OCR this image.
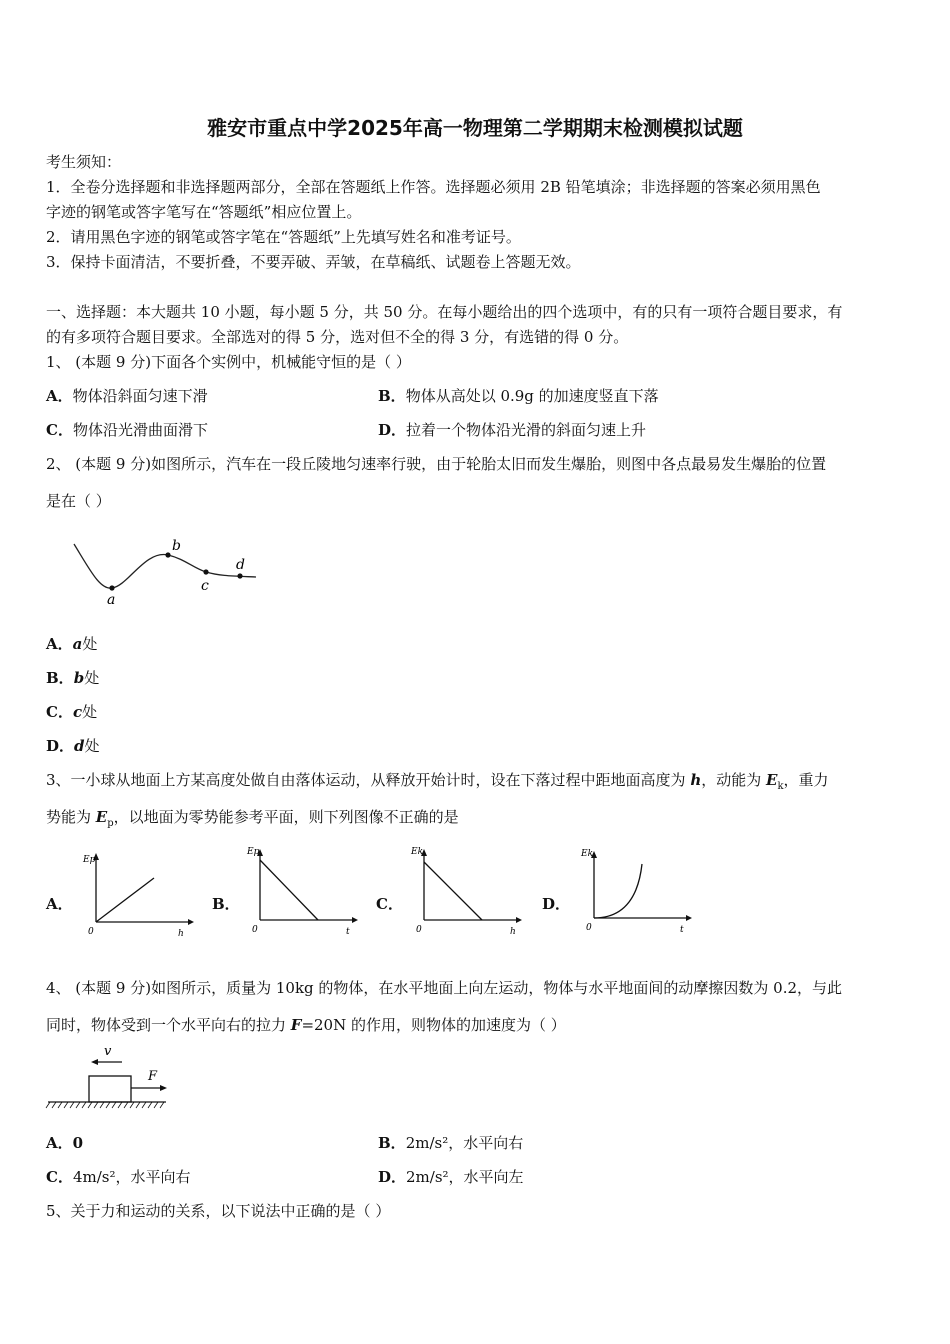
雅安市重点中学2025年高一物理第二学期期末检测模拟试题
考生须知：
1．全卷分选择题和非选择题两部分，全部在答题纸上作答。选择题必须用 2B 铅笔填涂；非选择题的答案必须用黑色
字迹的钢笔或答字笔写在“答题纸”相应位置上。
2．请用黑色字迹的钢笔或答字笔在“答题纸”上先填写姓名和准考证号。
3．保持卡面清洁，不要折叠，不要弄破、弄皱，在草稿纸、试题卷上答题无效。
一、选择题：本大题共 10 小题，每小题 5 分，共 50 分。在每小题给出的四个选项中，有的只有一项符合题目要求，有
的有多项符合题目要求。全部选对的得 5 分，选对但不全的得 3 分，有选错的得 0 分。
1、 (本题 9 分)下面各个实例中，机械能守恒的是（ ）
A．物体沿斜面匀速下滑	B．物体从高处以 0.9g 的加速度竖直下落
C．物体沿光滑曲面滑下	D．拉着一个物体沿光滑的斜面匀速上升
2、 (本题 9 分)如图所示，汽车在一段丘陵地匀速率行驶，由于轮胎太旧而发生爆胎，则图中各点最易发生爆胎的位置
是在（ ）
a
b
c
d
A．a处
B．b处
C．c处
D．d处
3、一小球从地面上方某高度处做自由落体运动，从释放开始计时，设在下落过程中距地面高度为 h，动能为 $E_k$，重力
势能为 $E_p$，以地面为零势能参考平面，则下列图像不正确的是
A．
Ep
h
0
B．
Ep
t
0
C．
Ek
h
0
D．
Ek
t
0
4、 (本题 9 分)如图所示，质量为 10kg 的物体，在水平地面上向左运动，物体与水平地面间的动摩擦因数为 0.2，与此
同时，物体受到一个水平向右的拉力 F=20N 的作用，则物体的加速度为（ ）
v
F
A．0	B．2m/s²，水平向右
C．4m/s²，水平向右	D．2m/s²，水平向左
5、关于力和运动的关系，以下说法中正确的是（ ）
